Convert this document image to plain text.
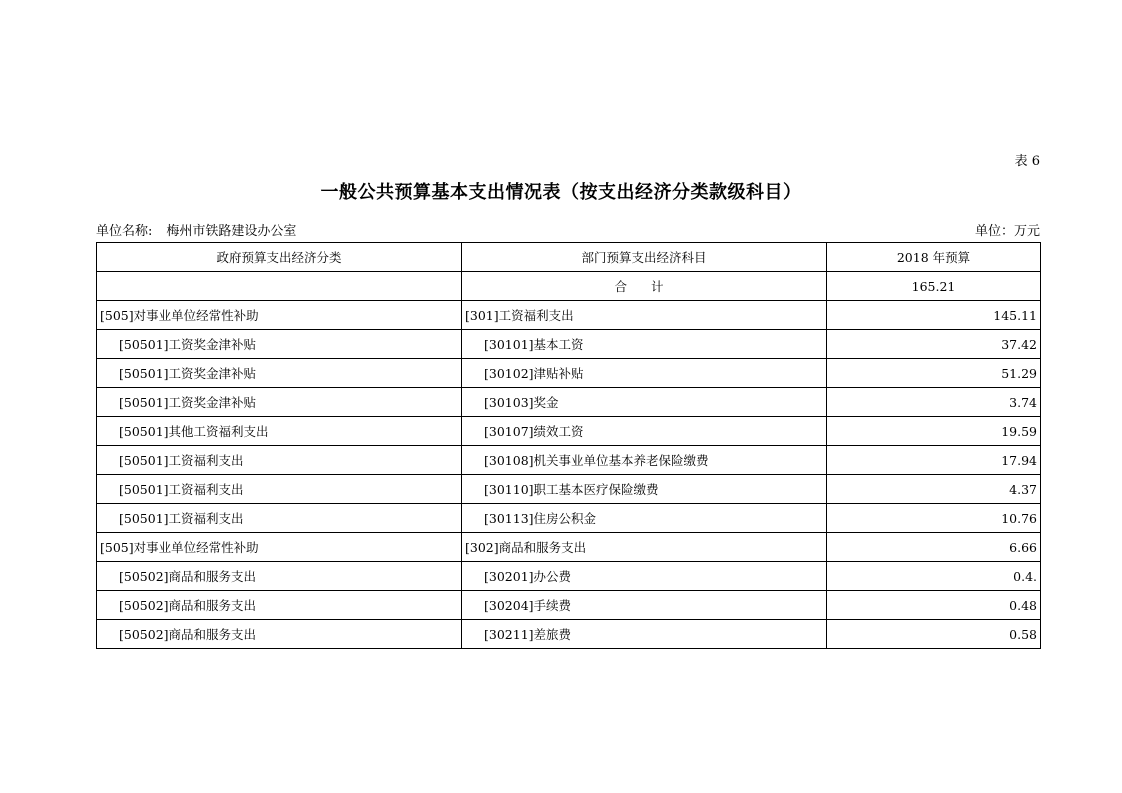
表 6
一般公共预算基本支出情况表（按支出经济分类款级科目）
单位名称: 梅州市铁路建设办公室	单位：万元
政府预算支出经济分类	部门预算支出经济科目	2018 年预算
	合 计	165.21
[505]对事业单位经常性补助	[301]工资福利支出	145.11
[50501]工资奖金津补贴	[30101]基本工资	37.42
[50501]工资奖金津补贴	[30102]津贴补贴	51.29
[50501]工资奖金津补贴	[30103]奖金	3.74
[50501]其他工资福利支出	[30107]绩效工资	19.59
[50501]工资福利支出	[30108]机关事业单位基本养老保险缴费	17.94
[50501]工资福利支出	[30110]职工基本医疗保险缴费	4.37
[50501]工资福利支出	[30113]住房公积金	10.76
[505]对事业单位经常性补助	[302]商品和服务支出	6.66
[50502]商品和服务支出	[30201]办公费	0.4.
[50502]商品和服务支出	[30204]手续费	0.48
[50502]商品和服务支出	[30211]差旅费	0.58
